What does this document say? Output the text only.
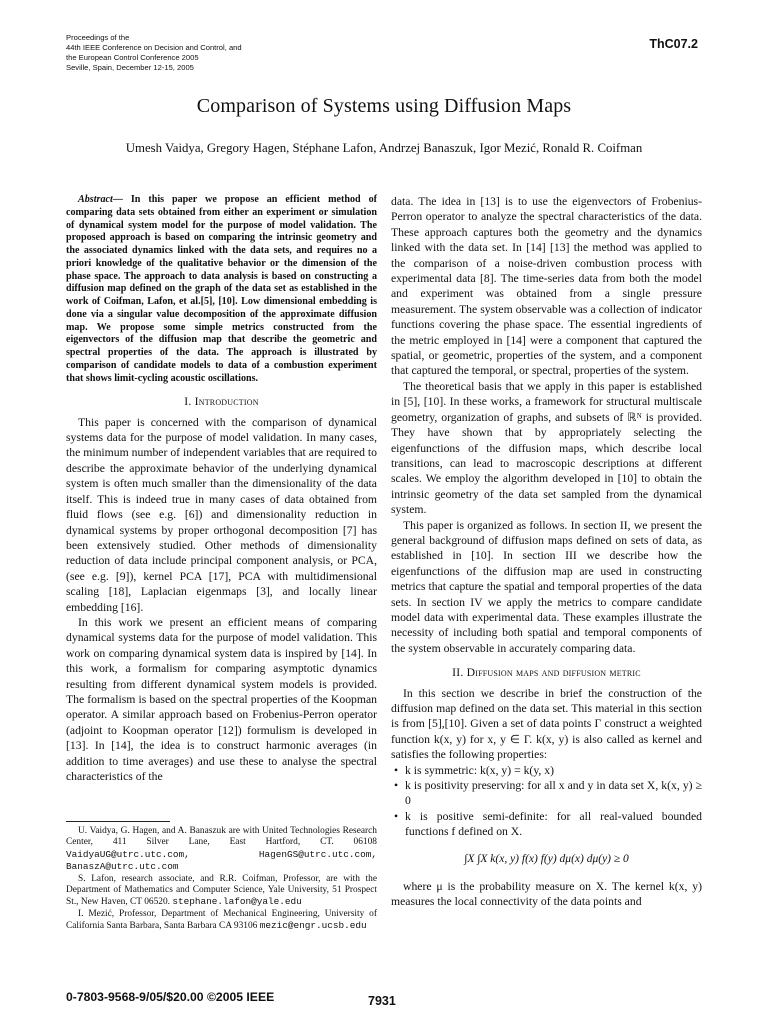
Proceedings of the
44th IEEE Conference on Decision and Control, and
the European Control Conference 2005
Seville, Spain, December 12-15, 2005
ThC07.2
Comparison of Systems using Diffusion Maps
Umesh Vaidya, Gregory Hagen, Stéphane Lafon, Andrzej Banaszuk, Igor Mezić, Ronald R. Coifman

Abstract— In this paper we propose an efficient method of comparing data sets obtained from either an experiment or simulation of dynamical system model for the purpose of model validation. The proposed approach is based on comparing the intrinsic geometry and the associated dynamics linked with the data sets, and requires no a priori knowledge of the qualitative behavior or the dimension of the phase space. The approach to data analysis is based on constructing a diffusion map defined on the graph of the data set as established in the work of Coifman, Lafon, et al.[5], [10]. Low dimensional embedding is done via a singular value decomposition of the approximate diffusion map. We propose some simple metrics constructed from the eigenvectors of the diffusion map that describe the geometric and spectral properties of the data. The approach is illustrated by comparison of candidate models to data of a combustion experiment that shows limit-cycling acoustic oscillations.

I. Introduction

This paper is concerned with the comparison of dynamical systems data for the purpose of model validation. In many cases, the minimum number of independent variables that are required to describe the approximate behavior of the underlying dynamical system is often much smaller than the dimensionality of the data itself. This is indeed true in many cases of data obtained from fluid flows (see e.g. [6]) and dimensionality reduction in dynamical systems by proper orthogonal decomposition [7] has been extensively studied. Other methods of dimensionality reduction of data include principal component analysis, or PCA, (see e.g. [9]), kernel PCA [17], PCA with multidimensional scaling [18], Laplacian eigenmaps [3], and locally linear embedding [16].

In this work we present an efficient means of comparing dynamical systems data for the purpose of model validation. This work on comparing dynamical system data is inspired by [14]. In this work, a formalism for comparing asymptotic dynamics resulting from different dynamical system models is provided. The formalism is based on the spectral properties of the Koopman operator. A similar approach based on Frobenius-Perron operator (adjoint to Koopman operator [12]) formulism is developed in [13]. In [14], the idea is to construct harmonic averages (in addition to time averages) and use these to analyse the spectral characteristics of the

U. Vaidya, G. Hagen, and A. Banaszuk are with United Technologies Research Center, 411 Silver Lane, East Hartford, CT. 06108 VaidyaUG@utrc.utc.com, HagenGS@utrc.utc.com, BanaszA@utrc.utc.com

S. Lafon, research associate, and R.R. Coifman, Professor, are with the Department of Mathematics and Computer Science, Yale University, 51 Prospect St., New Haven, CT 06520. stephane.lafon@yale.edu

I. Mezić, Professor, Department of Mechanical Engineering, University of California Santa Barbara, Santa Barbara CA 93106 mezic@engr.ucsb.edu

data. The idea in [13] is to use the eigenvectors of Frobenius-Perron operator to analyze the spectral characteristics of the data. These approach captures both the geometry and the dynamics linked with the data set. In [14] [13] the method was applied to the comparison of a noise-driven combustion process with experimental data [8]. The time-series data from both the model and experiment was obtained from a single pressure measurement. The system observable was a collection of indicator functions covering the phase space. The essential ingredients of the metric employed in [14] were a component that captured the spatial, or geometric, properties of the system, and a component that captured the temporal, or spectral, properties of the system.

The theoretical basis that we apply in this paper is established in [5], [10]. In these works, a framework for structural multiscale geometry, organization of graphs, and subsets of ℝᴺ is provided. They have shown that by appropriately selecting the eigenfunctions of the diffusion maps, which describe local transitions, can lead to macroscopic descriptions at different scales. We employ the algorithm developed in [10] to obtain the intrinsic geometry of the data set sampled from the dynamical system.

This paper is organized as follows. In section II, we present the general background of diffusion maps defined on sets of data, as established in [10]. In section III we describe how the eigenfunctions of the diffusion map are used in constructing metrics that capture the spatial and temporal properties of the data sets. In section IV we apply the metrics to compare candidate model data with experimental data. These examples illustrate the necessity of including both spatial and temporal components of the system observable in accurately comparing data.

II. Diffusion maps and diffusion metric

In this section we describe in brief the construction of the diffusion map defined on the data set. This material in this section is from [5],[10]. Given a set of data points Γ construct a weighted function k(x, y) for x, y ∈ Γ. k(x, y) is also called as kernel and satisfies the following properties:

• k is symmetric: k(x, y) = k(y, x)
• k is positivity preserving: for all x and y in data set X, k(x, y) ≥ 0
• k is positive semi-definite: for all real-valued bounded functions f defined on X.
∫X ∫X k(x, y) f(x) f(y) dμ(x) dμ(y) ≥ 0

where μ is the probability measure on X. The kernel k(x, y) measures the local connectivity of the data points and

0-7803-9568-9/05/$20.00 ©2005 IEEE	7931
